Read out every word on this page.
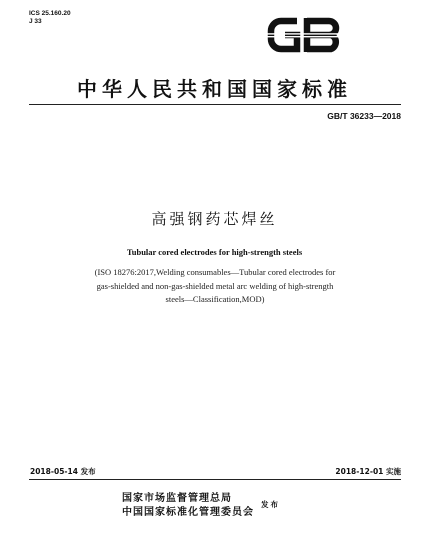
ICS 25.160.20
J 33
GB
中华人民共和国国家标准
GB/T 36233—2018
高强钢药芯焊丝
Tubular cored electrodes for high-strength steels
(ISO 18276:2017,Welding consumables—Tubular cored electrodes for
gas-shielded and non-gas-shielded metal arc welding of high-strength
steels—Classification,MOD)
2018-05-14 发布	2018-12-01 实施
国家市场监督管理总局
中国国家标准化管理委员会
发布
